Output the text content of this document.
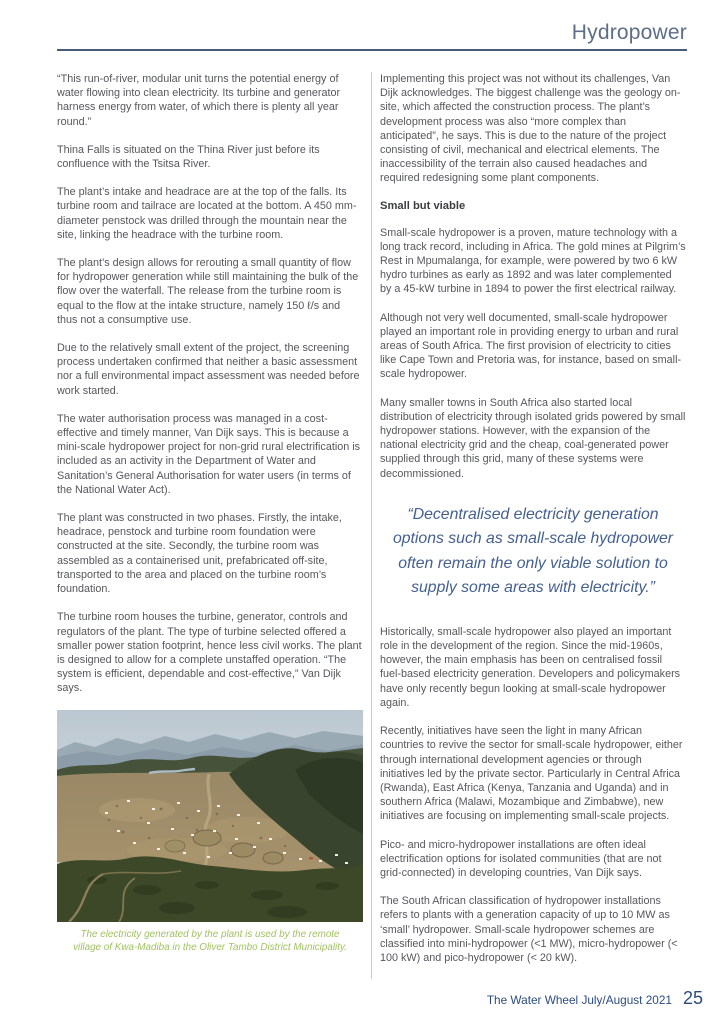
Hydropower

“This run-of-river, modular unit turns the potential energy of water flowing into clean electricity. Its turbine and generator harness energy from water, of which there is plenty all year round.”

Thina Falls is situated on the Thina River just before its confluence with the Tsitsa River.

The plant’s intake and headrace are at the top of the falls. Its turbine room and tailrace are located at the bottom. A 450 mm-diameter penstock was drilled through the mountain near the site, linking the headrace with the turbine room.

The plant’s design allows for rerouting a small quantity of flow for hydropower generation while still maintaining the bulk of the flow over the waterfall. The release from the turbine room is equal to the flow at the intake structure, namely 150 ℓ/s and thus not a consumptive use.

Due to the relatively small extent of the project, the screening process undertaken confirmed that neither a basic assessment nor a full environmental impact assessment was needed before work started.

The water authorisation process was managed in a cost-effective and timely manner, Van Dijk says. This is because a mini-scale hydropower project for non-grid rural electrification is included as an activity in the Department of Water and Sanitation’s General Authorisation for water users (in terms of the National Water Act).

The plant was constructed in two phases. Firstly, the intake, headrace, penstock and turbine room foundation were constructed at the site. Secondly, the turbine room was assembled as a containerised unit, prefabricated off-site, transported to the area and placed on the turbine room’s foundation.

The turbine room houses the turbine, generator, controls and regulators of the plant. The type of turbine selected offered a smaller power station footprint, hence less civil works. The plant is designed to allow for a complete unstaffed operation. “The system is efficient, dependable and cost-effective,” Van Dijk says.

The electricity generated by the plant is used by the remote village of Kwa-Madiba in the Oliver Tambo District Municipality.

Implementing this project was not without its challenges, Van Dijk acknowledges. The biggest challenge was the geology on-site, which affected the construction process. The plant’s development process was also “more complex than anticipated”, he says. This is due to the nature of the project consisting of civil, mechanical and electrical elements. The inaccessibility of the terrain also caused headaches and required redesigning some plant components.

Small but viable

Small-scale hydropower is a proven, mature technology with a long track record, including in Africa. The gold mines at Pilgrim’s Rest in Mpumalanga, for example, were powered by two 6 kW hydro turbines as early as 1892 and was later complemented by a 45-kW turbine in 1894 to power the first electrical railway.

Although not very well documented, small-scale hydropower played an important role in providing energy to urban and rural areas of South Africa. The first provision of electricity to cities like Cape Town and Pretoria was, for instance, based on small-scale hydropower.

Many smaller towns in South Africa also started local distribution of electricity through isolated grids powered by small hydropower stations. However, with the expansion of the national electricity grid and the cheap, coal-generated power supplied through this grid, many of these systems were decommissioned.

“Decentralised electricity generation options such as small-scale hydropower often remain the only viable solution to supply some areas with electricity.”

Historically, small-scale hydropower also played an important role in the development of the region. Since the mid-1960s, however, the main emphasis has been on centralised fossil fuel-based electricity generation. Developers and policymakers have only recently begun looking at small-scale hydropower again.

Recently, initiatives have seen the light in many African countries to revive the sector for small-scale hydropower, either through international development agencies or through initiatives led by the private sector. Particularly in Central Africa (Rwanda), East Africa (Kenya, Tanzania and Uganda) and in southern Africa (Malawi, Mozambique and Zimbabwe), new initiatives are focusing on implementing small-scale projects.

Pico- and micro-hydropower installations are often ideal electrification options for isolated communities (that are not grid-connected) in developing countries, Van Dijk says.

The South African classification of hydropower installations refers to plants with a generation capacity of up to 10 MW as ‘small’ hydropower. Small-scale hydropower schemes are classified into mini-hydropower (<1 MW), micro-hydropower (< 100 kW) and pico-hydropower (< 20 kW).

The Water Wheel July/August 2021 25
